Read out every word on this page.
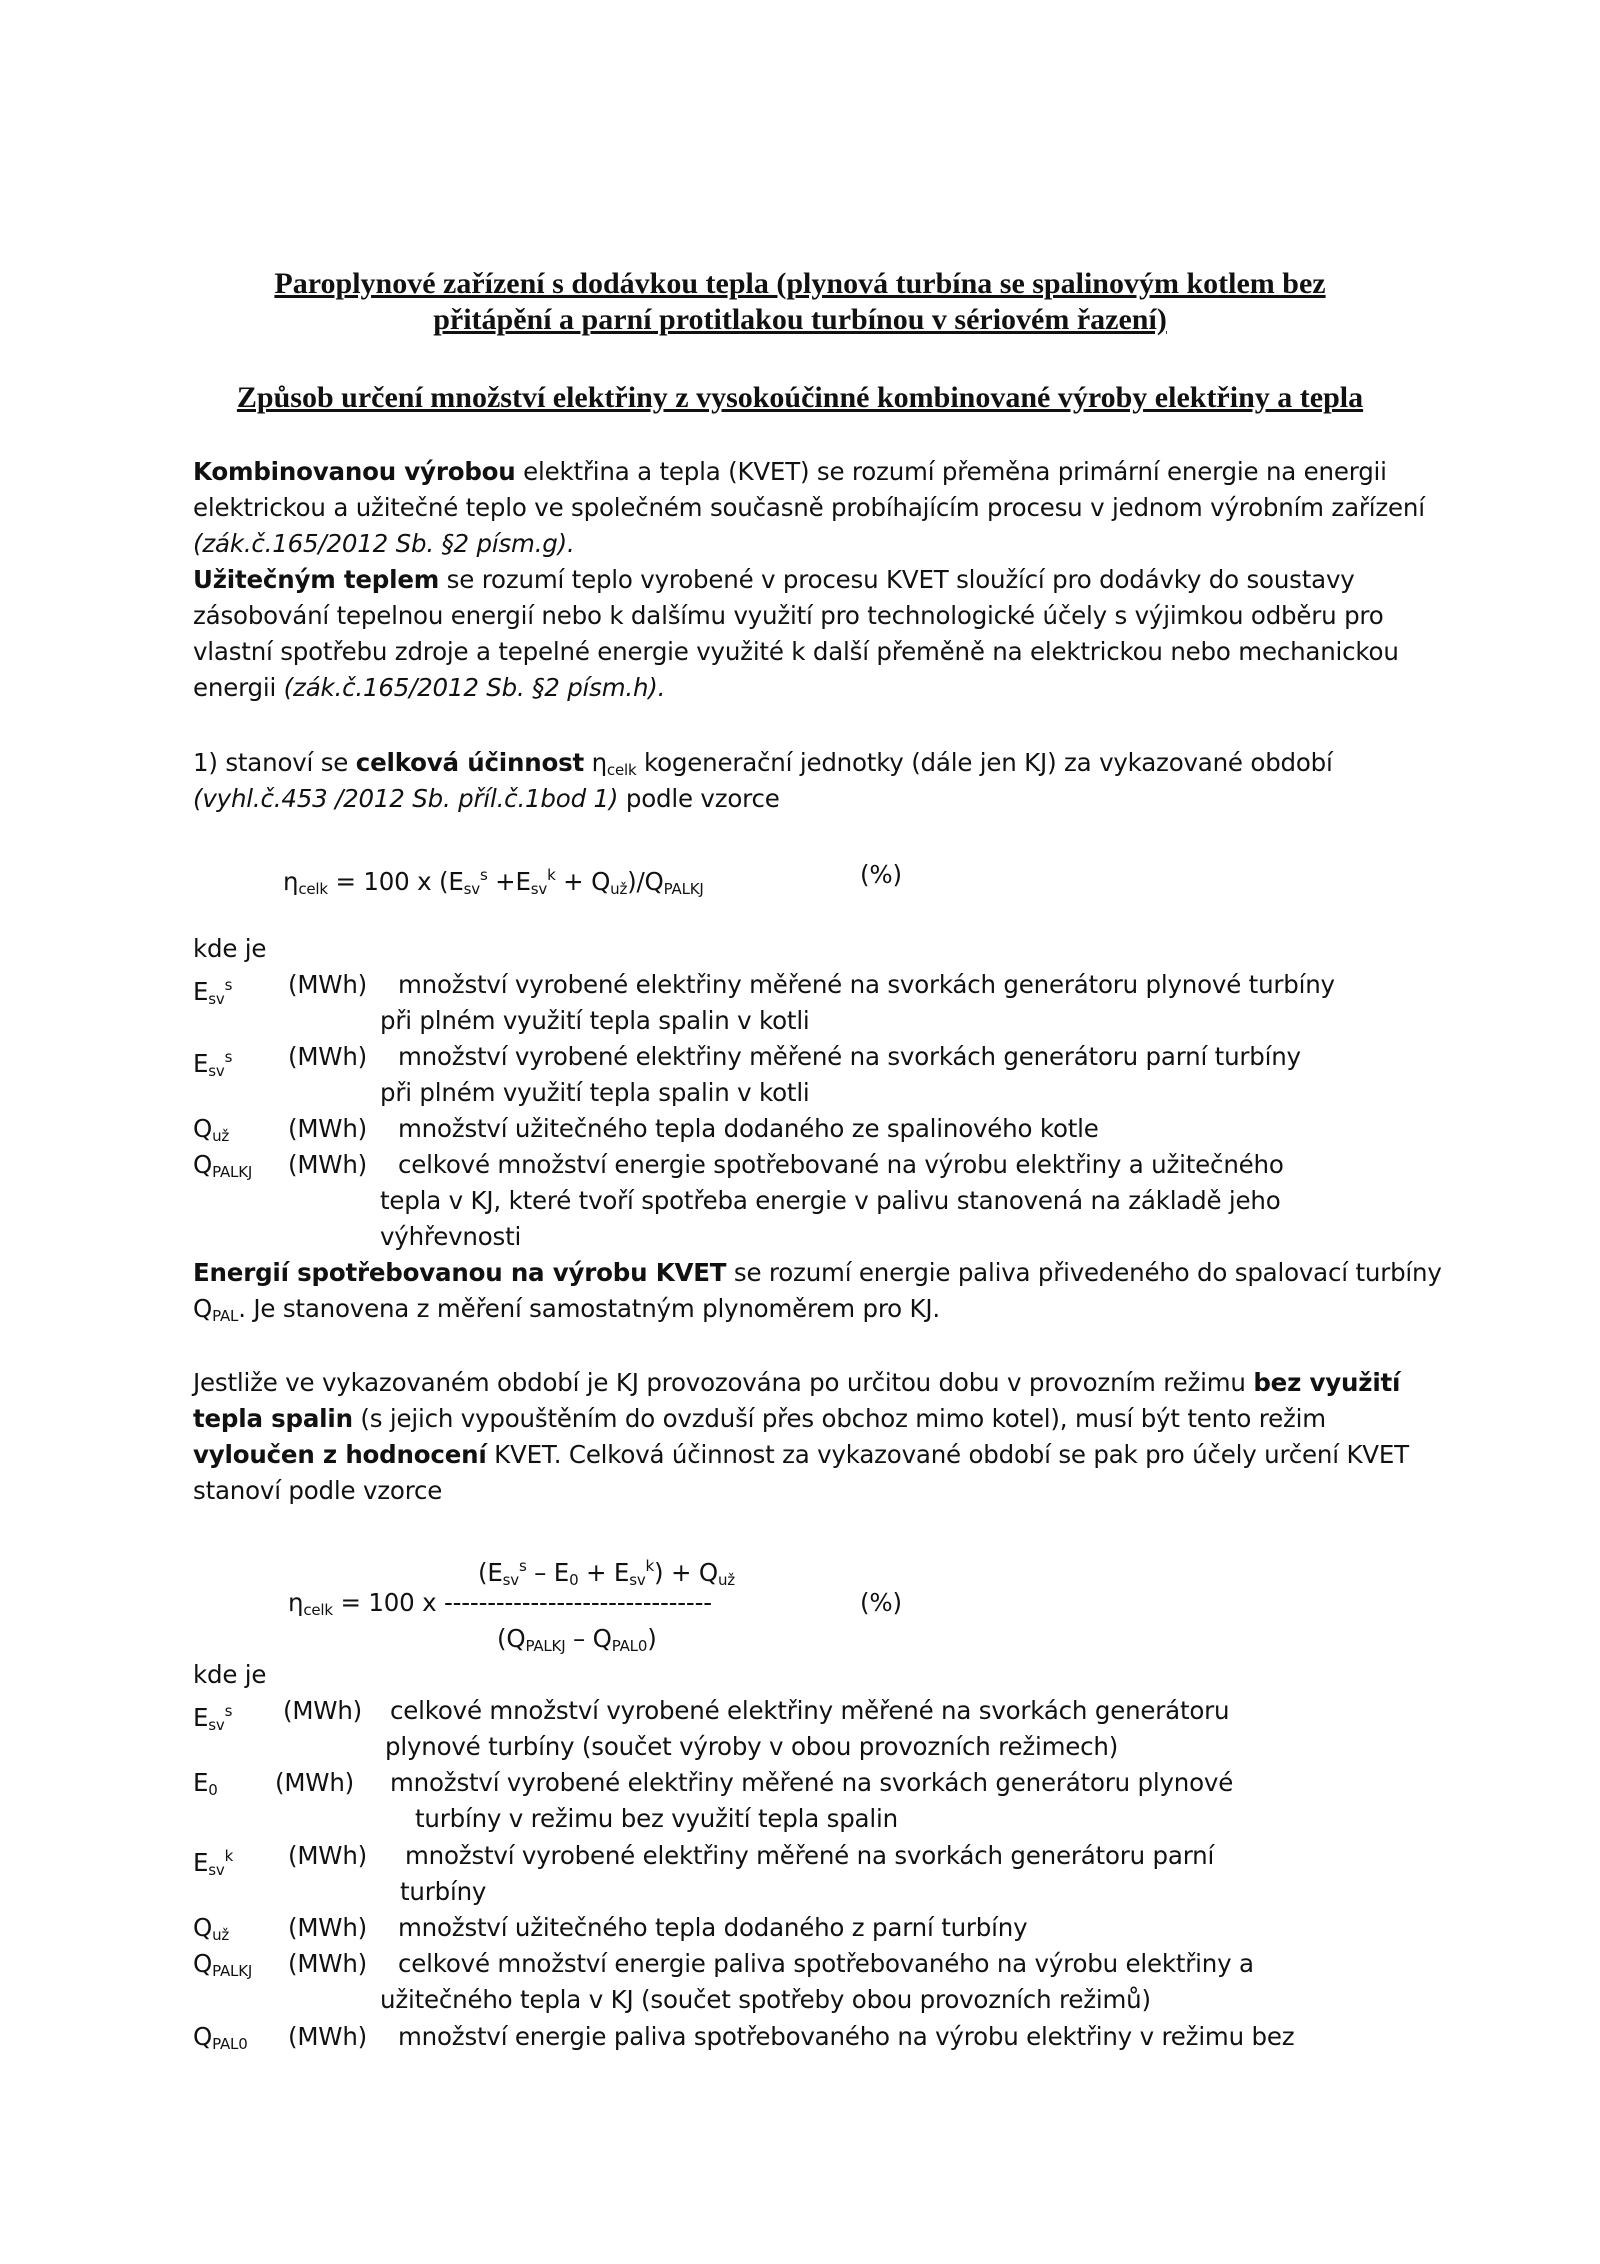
Paroplynové zařízení s dodávkou tepla (plynová turbína se spalinovým kotlem bez

přitápění a parní protitlakou turbínou v sériovém řazení)

Způsob určení množství elektřiny z vysokoúčinné kombinované výroby elektřiny a tepla

Kombinovanou výrobou elektřina a tepla (KVET) se rozumí přeměna primární energie na energii
elektrickou a užitečné teplo ve společném současně probíhajícím procesu v jednom výrobním zařízení
(zák.č.165/2012 Sb. §2 písm.g).
Užitečným teplem se rozumí teplo vyrobené v procesu KVET sloužící pro dodávky do soustavy
zásobování tepelnou energií nebo k dalšímu využití pro technologické účely s výjimkou odběru pro
vlastní spotřebu zdroje a tepelné energie využité k další přeměně na elektrickou nebo mechanickou
energii (zák.č.165/2012 Sb. §2 písm.h).
1) stanoví se celková účinnost $\eta_{celk}$ kogenerační jednotky (dále jen KJ) za vykazované období
(vyhl.č.453 /2012 Sb. příl.č.1bod 1) podle vzorce
$\eta_{celk} = 100$ x $(E_{sv}^s +E_{sv}^k + Q_{už})/Q_{PALKJ}$	(%)
kde je
$E_{sv}^s$ (MWh) množství vyrobené elektřiny měřené na svorkách generátoru plynové turbíny
při plném využití tepla spalin v kotli
$E_{sv}^s$ (MWh) množství vyrobené elektřiny měřené na svorkách generátoru parní turbíny
při plném využití tepla spalin v kotli
$Q_{už}$ (MWh) množství užitečného tepla dodaného ze spalinového kotle
$Q_{PALKJ}$ (MWh) celkové množství energie spotřebované na výrobu elektřiny a užitečného
tepla v KJ, které tvoří spotřeba energie v palivu stanovená na základě jeho
výhřevnosti
Energií spotřebovanou na výrobu KVET se rozumí energie paliva přivedeného do spalovací turbíny
$Q_{PAL}$. Je stanovena z měření samostatným plynoměrem pro KJ.
Jestliže ve vykazovaném období je KJ provozována po určitou dobu v provozním režimu bez využití
tepla spalin (s jejich vypouštěním do ovzduší přes obchoz mimo kotel), musí být tento režim
vyloučen z hodnocení KVET. Celková účinnost za vykazované období se pak pro účely určení KVET
stanoví podle vzorce
$(E_{sv}^s - E_0 + E_{sv}^k) + Q_{už}$
$\eta_{celk} = 100$ x -------------------------------	(%)
$(Q_{PALKJ} - Q_{PAL0})$
kde je
$E_{sv}^s$ (MWh) celkové množství vyrobené elektřiny měřené na svorkách generátoru
plynové turbíny (součet výroby v obou provozních režimech)
$E_0$ (MWh) množství vyrobené elektřiny měřené na svorkách generátoru plynové
turbíny v režimu bez využití tepla spalin
$E_{sv}^k$ (MWh) množství vyrobené elektřiny měřené na svorkách generátoru parní
turbíny
$Q_{už}$ (MWh) množství užitečného tepla dodaného z parní turbíny
$Q_{PALKJ}$ (MWh) celkové množství energie paliva spotřebovaného na výrobu elektřiny a
užitečného tepla v KJ (součet spotřeby obou provozních režimů)
$Q_{PAL0}$ (MWh) množství energie paliva spotřebovaného na výrobu elektřiny v režimu bez
